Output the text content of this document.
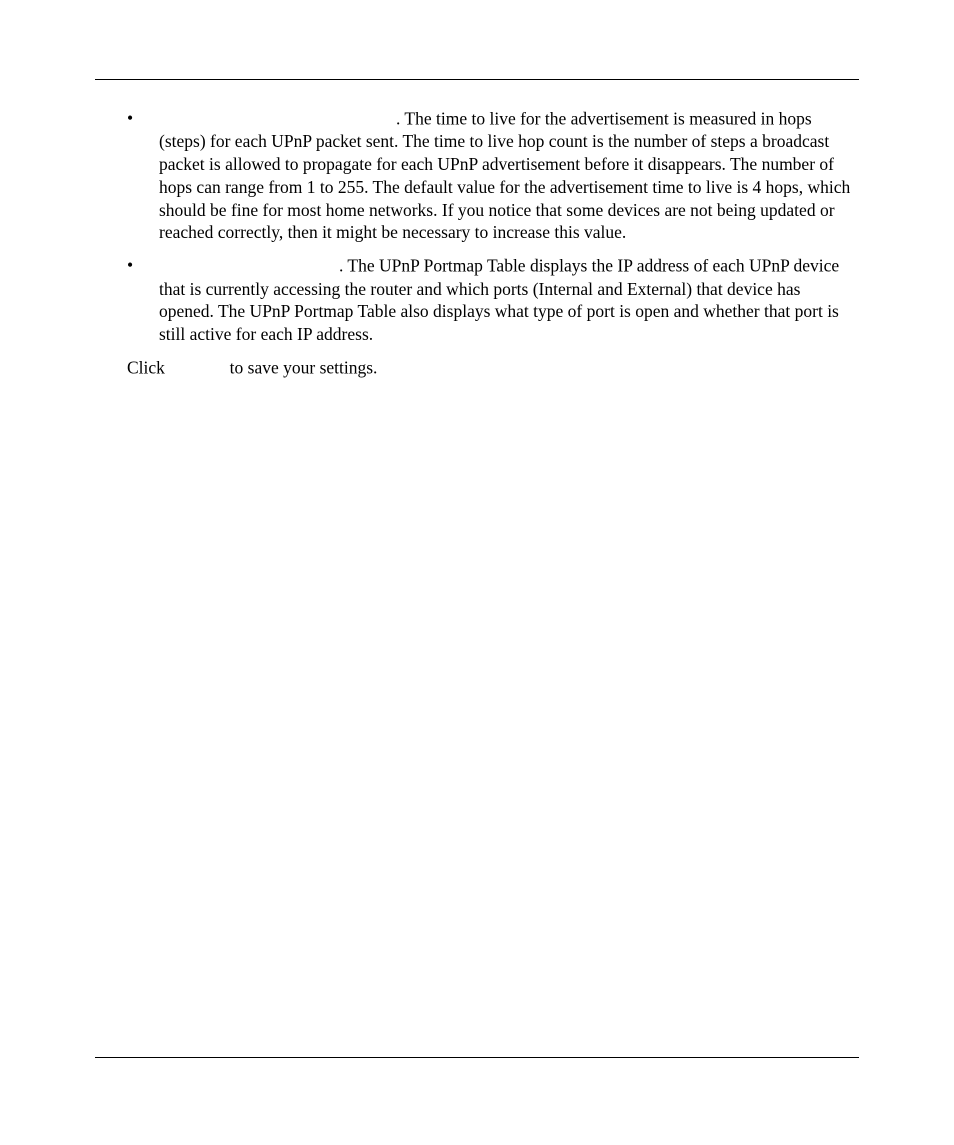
•	. The time to live for the advertisement is measured in hops (steps) for each UPnP packet sent. The time to live hop count is the number of steps a broadcast packet is allowed to propagate for each UPnP advertisement before it disappears. The number of hops can range from 1 to 255. The default value for the advertisement time to live is 4 hops, which should be fine for most home networks. If you notice that some devices are not being updated or reached correctly, then it might be necessary to increase this value.
•	. The UPnP Portmap Table displays the IP address of each UPnP device that is currently accessing the router and which ports (Internal and External) that device has opened. The UPnP Portmap Table also displays what type of port is open and whether that port is still active for each IP address.

Click	to save your settings.
